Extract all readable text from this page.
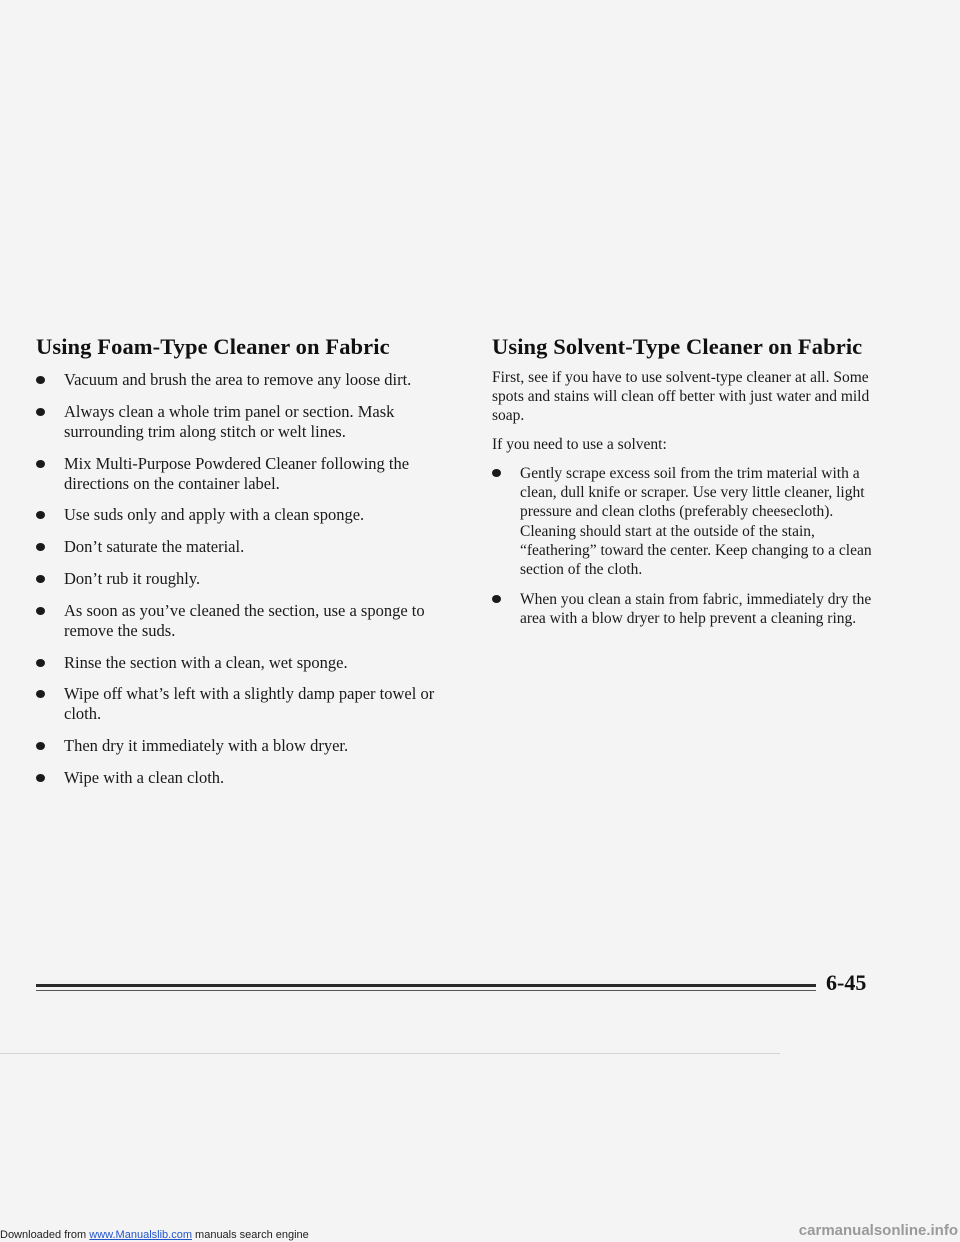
Using Foam-Type Cleaner on Fabric
Vacuum and brush the area to remove any loose dirt.
Always clean a whole trim panel or section. Mask surrounding trim along stitch or welt lines.
Mix Multi-Purpose Powdered Cleaner following the directions on the container label.
Use suds only and apply with a clean sponge.
Don’t saturate the material.
Don’t rub it roughly.
As soon as you’ve cleaned the section, use a sponge to remove the suds.
Rinse the section with a clean, wet sponge.
Wipe off what’s left with a slightly damp paper towel or cloth.
Then dry it immediately with a blow dryer.
Wipe with a clean cloth.
Using Solvent-Type Cleaner on Fabric

First, see if you have to use solvent-type cleaner at all. Some spots and stains will clean off better with just water and mild soap.

If you need to use a solvent:

Gently scrape excess soil from the trim material with a clean, dull knife or scraper. Use very little cleaner, light pressure and clean cloths (preferably cheesecloth). Cleaning should start at the outside of the stain, “feathering” toward the center. Keep changing to a clean section of the cloth.
When you clean a stain from fabric, immediately dry the area with a blow dryer to help prevent a cleaning ring.
6-45
Downloaded from www.Manualslib.com manuals search engine	carmanualsonline.info
